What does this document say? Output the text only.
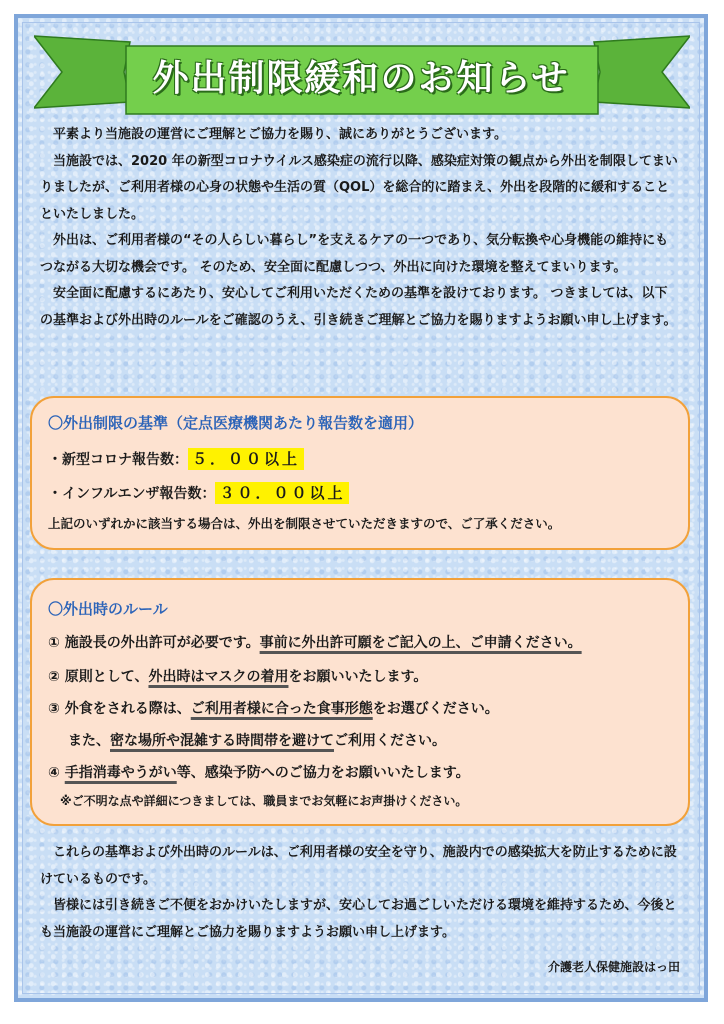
外出制限緩和のお知らせ

平素より当施設の運営にご理解とご協力を賜り、誠にありがとうございます。

当施設では、2020 年の新型コロナウイルス感染症の流行以降、感染症対策の観点から外出を制限してまいりましたが、ご利用者様の心身の状態や生活の質（QOL）を総合的に踏まえ、外出を段階的に緩和することといたしました。

外出は、ご利用者様の“その人らしい暮らし”を支えるケアの一つであり、気分転換や心身機能の維持にもつながる大切な機会です。 そのため、安全面に配慮しつつ、外出に向けた環境を整えてまいります。

安全面に配慮するにあたり、安心してご利用いただくための基準を設けております。 つきましては、以下の基準および外出時のルールをご確認のうえ、引き続きご理解とご協力を賜りますようお願い申し上げます。

〇外出制限の基準（定点医療機関あたり報告数を適用）
・新型コロナ報告数： ５．００以上
・インフルエンザ報告数： ３０．００以上
上記のいずれかに該当する場合は、外出を制限させていただきますので、ご了承ください。
〇外出時のルール
① 施設長の外出許可が必要です。事前に外出許可願をご記入の上、ご申請ください。
② 原則として、外出時はマスクの着用をお願いいたします。
③ 外食をされる際は、ご利用者様に合った食事形態をお選びください。
また、密な場所や混雑する時間帯を避けてご利用ください。
④ 手指消毒やうがい等、感染予防へのご協力をお願いいたします。
※ご不明な点や詳細につきましては、職員までお気軽にお声掛けください。

これらの基準および外出時のルールは、ご利用者様の安全を守り、施設内での感染拡大を防止するために設けているものです。

皆様には引き続きご不便をおかけいたしますが、安心してお過ごしいただける環境を維持するため、今後とも当施設の運営にご理解とご協力を賜りますようお願い申し上げます。

介護老人保健施設はっ田
